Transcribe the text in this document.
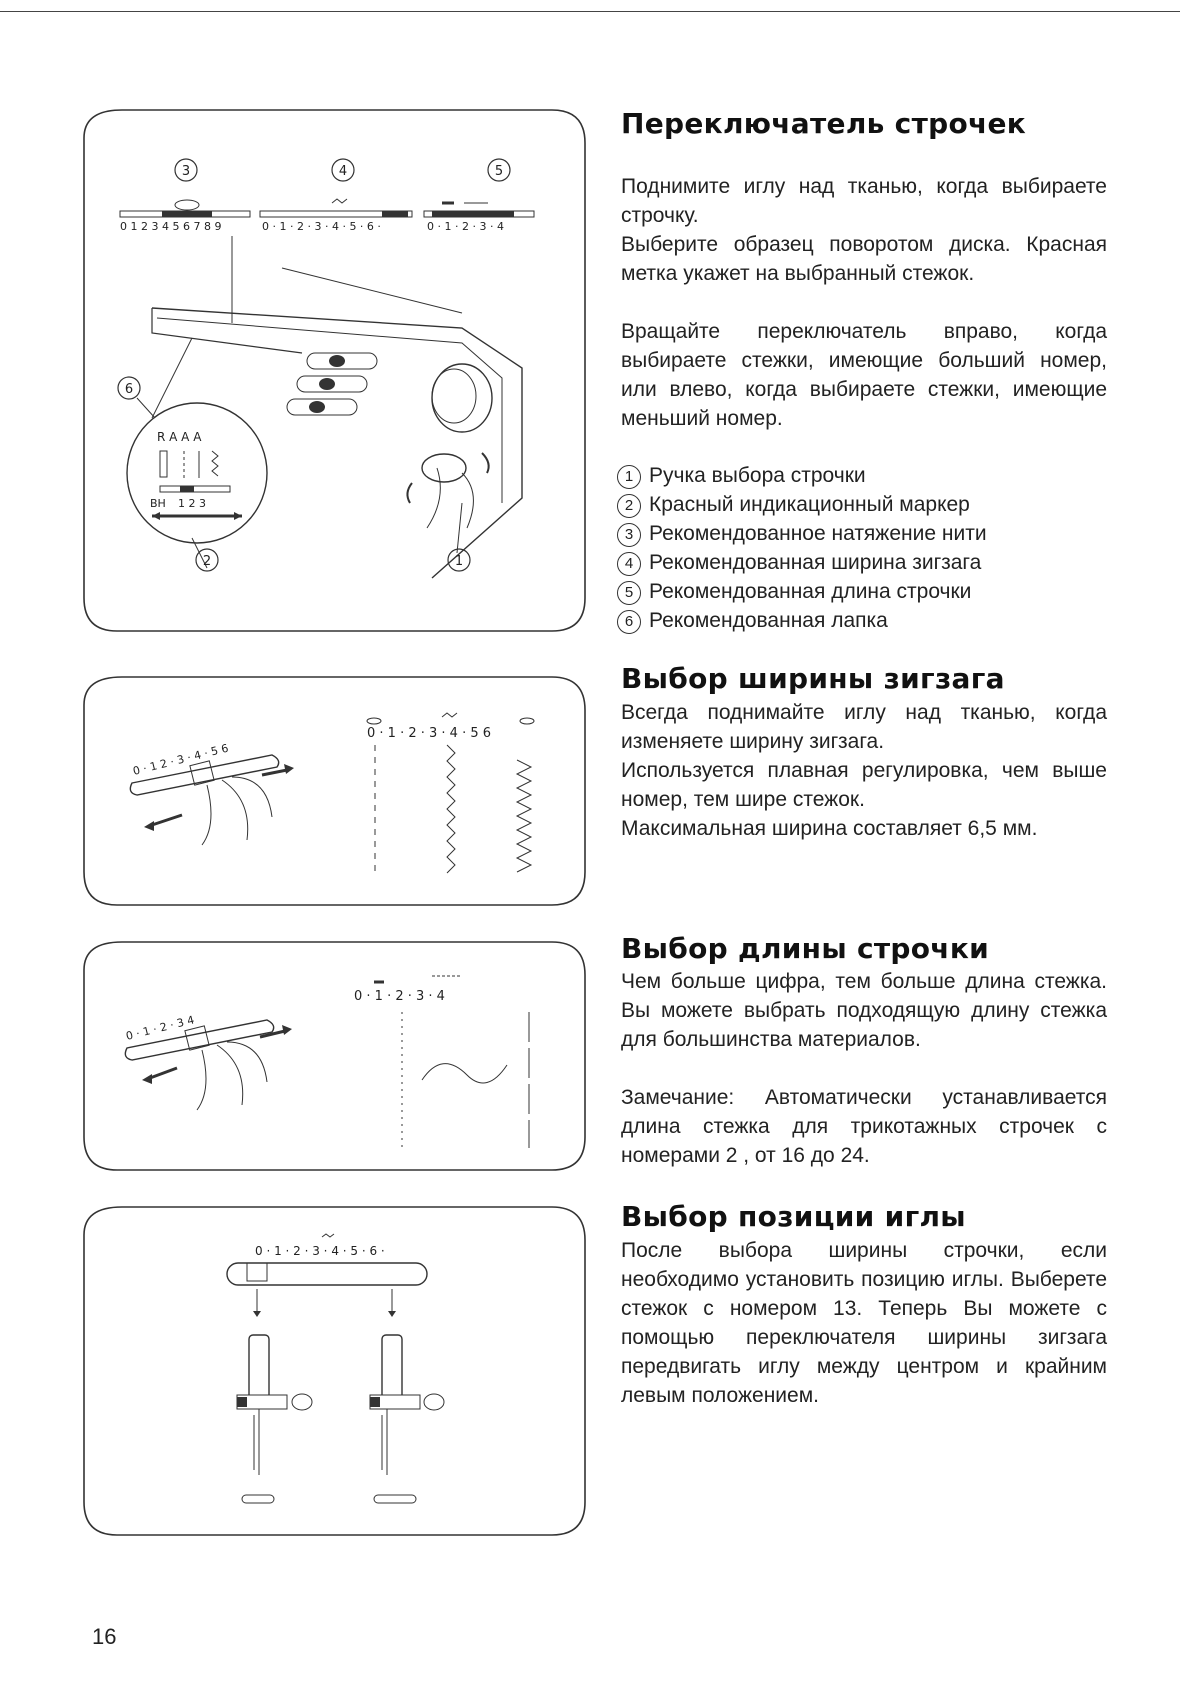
3	4	5
0 1 2 3 4 5 6 7 8 9	0 · 1 · 2 · 3 · 4 · 5 · 6 ·	0 · 1 · 2 · 3 · 4
1
6
R A A A
BH 1 2 3
2
0 · 1 · 2 · 3 · 4 · 5 6
0 · 1 2 · 3 · 4 · 5 6
0 · 1 · 2 · 3 · 4
0 · 1 · 2 · 3 4
0 · 1 · 2 · 3 · 4 · 5 · 6 ·
Переключатель строчек

Поднимите иглу над тканью, когда выбираете строчку.

Выберите образец поворотом диска. Красная метка укажет на выбранный стежок.

Вращайте переключатель вправо, когда выбираете стежки, имеющие больший номер, или влево, когда выбираете стежки, имеющие меньший номер.

1 Ручка выбора строчки
2 Красный индикационный маркер
3 Рекомендованное натяжение нити
4 Рекомендованная ширина зигзага
5 Рекомендованная длина строчки
6 Рекомендованная лапка
Выбор ширины зигзага

Всегда поднимайте иглу над тканью, когда изменяете ширину зигзага.

Используется плавная регулировка, чем выше номер, тем шире стежок.

Максимальная ширина составляет 6,5 мм.

Выбор длины строчки

Чем больше цифра, тем больше длина стежка. Вы можете выбрать подходящую длину стежка для большинства материалов.

Замечание: Автоматически устанавливается длина стежка для трикотажных строчек с номерами 2 , от 16 до 24.

Выбор позиции иглы

После выбора ширины строчки, если необходимо установить позицию иглы. Выберете стежок с номером 13. Теперь Вы можете с помощью переключателя ширины зигзага передвигать иглу между центром и крайним левым положением.

16
